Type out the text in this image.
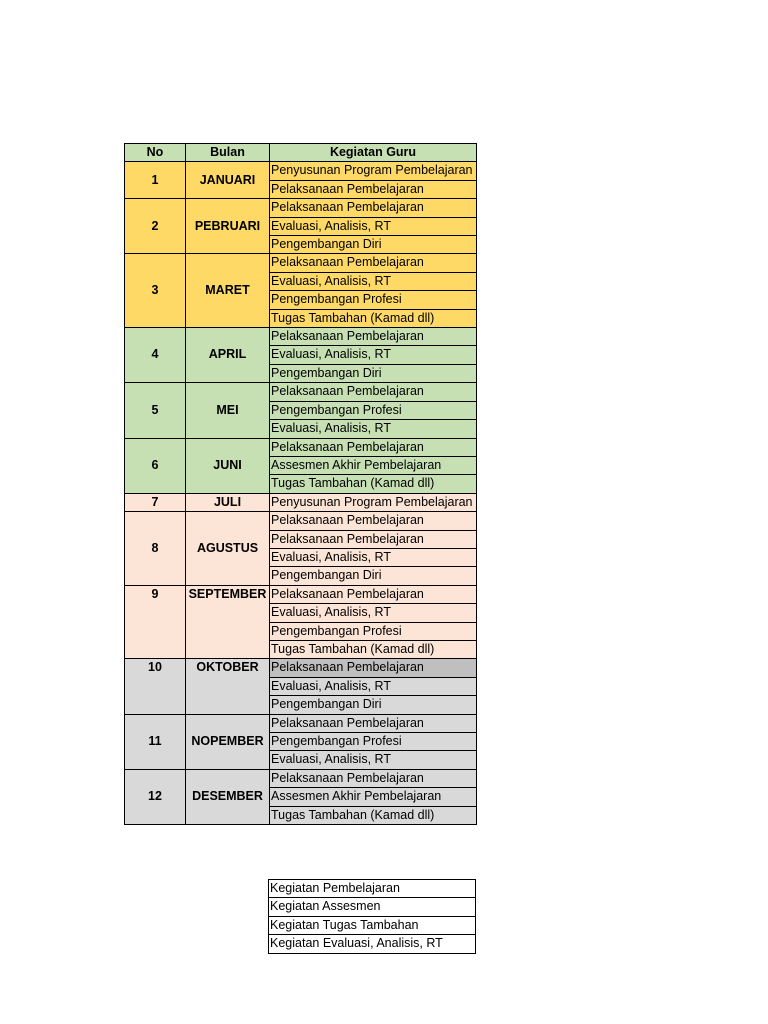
No	Bulan	Kegiatan Guru
1	JANUARI	Penyusunan Program Pembelajaran
		Pelaksanaan Pembelajaran
2	PEBRUARI	Pelaksanaan Pembelajaran
		Evaluasi, Analisis, RT
		Pengembangan Diri
3	MARET	Pelaksanaan Pembelajaran
		Evaluasi, Analisis, RT
		Pengembangan Profesi
		Tugas Tambahan (Kamad dll)
4	APRIL	Pelaksanaan Pembelajaran
		Evaluasi, Analisis, RT
		Pengembangan Diri
5	MEI	Pelaksanaan Pembelajaran
		Pengembangan Profesi
		Evaluasi, Analisis, RT
6	JUNI	Pelaksanaan Pembelajaran
		Assesmen Akhir Pembelajaran
		Tugas Tambahan (Kamad dll)
7	JULI	Penyusunan Program Pembelajaran
8	AGUSTUS	Pelaksanaan Pembelajaran
		Pelaksanaan Pembelajaran
		Evaluasi, Analisis, RT
		Pengembangan Diri
9	SEPTEMBER	Pelaksanaan Pembelajaran
		Evaluasi, Analisis, RT
		Pengembangan Profesi
		Tugas Tambahan (Kamad dll)
10	OKTOBER	Pelaksanaan Pembelajaran
		Evaluasi, Analisis, RT
		Pengembangan Diri
11	NOPEMBER	Pelaksanaan Pembelajaran
		Pengembangan Profesi
		Evaluasi, Analisis, RT
12	DESEMBER	Pelaksanaan Pembelajaran
		Assesmen Akhir Pembelajaran
		Tugas Tambahan (Kamad dll)
Kegiatan Pembelajaran
Kegiatan Assesmen
Kegiatan Tugas Tambahan
Kegiatan Evaluasi, Analisis, RT
